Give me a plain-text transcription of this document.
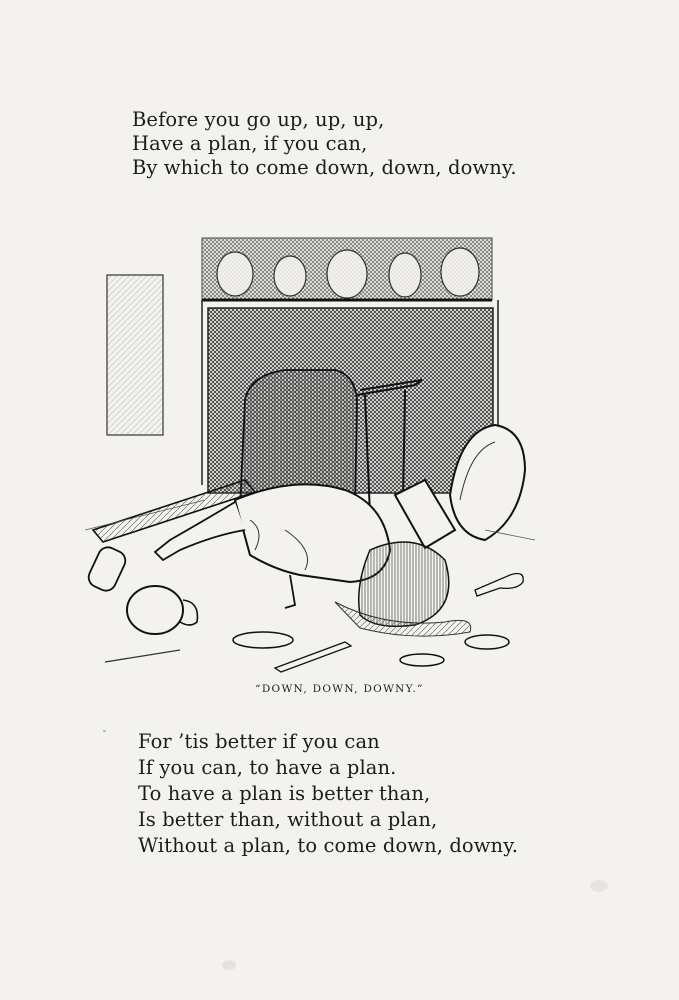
Before you go up, up, up,
Have a plan, if you can,
By which to come down, down, downy.
“DOWN, DOWN, DOWNY.”
For ’tis better if you can
If you can, to have a plan.
To have a plan is better than,
Is better than, without a plan,
Without a plan, to come down, downy.
